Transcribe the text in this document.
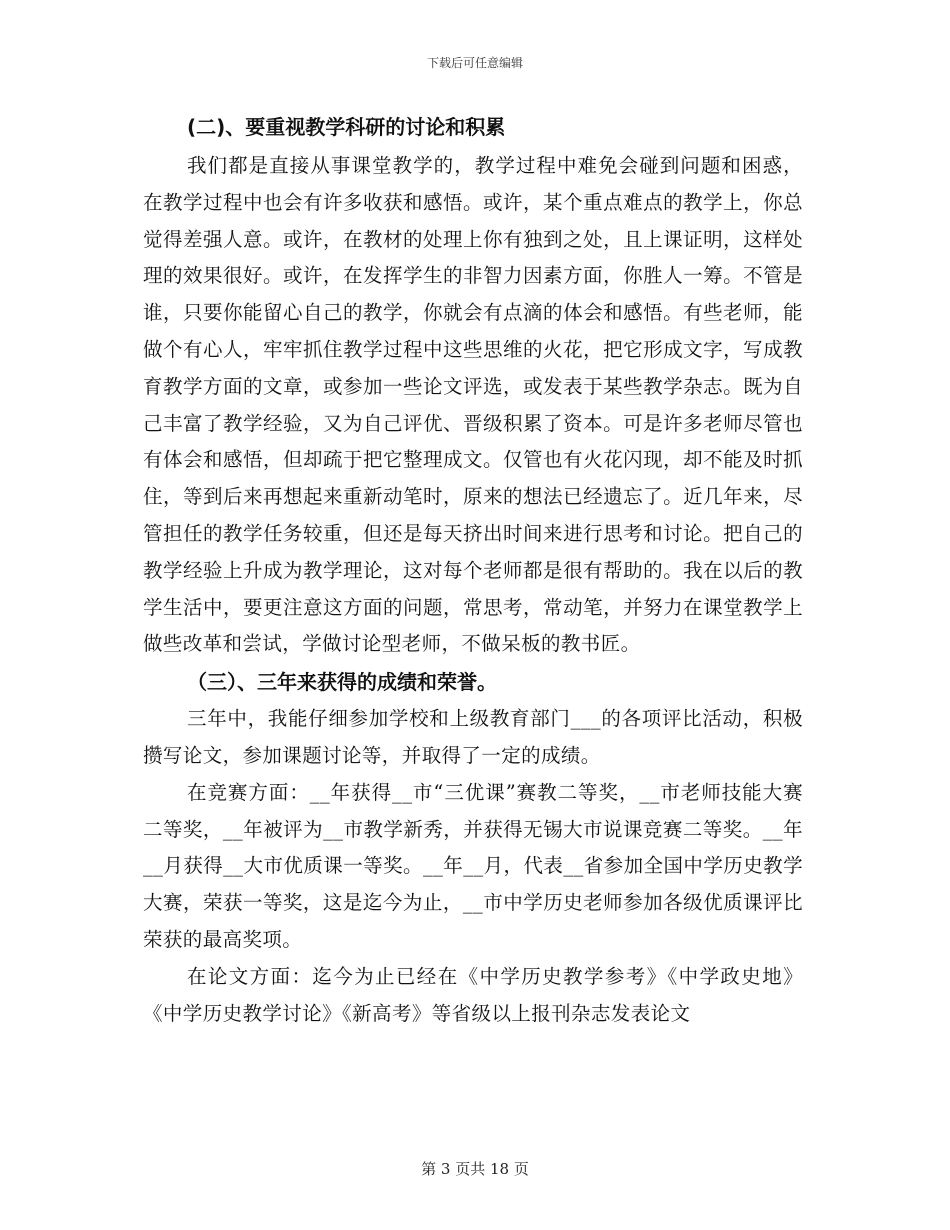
下载后可任意编辑
(二)、要重视教学科研的讨论和积累

我们都是直接从事课堂教学的，教学过程中难免会碰到问题和困惑，在教学过程中也会有许多收获和感悟。或许，某个重点难点的教学上，你总觉得差强人意。或许，在教材的处理上你有独到之处，且上课证明，这样处理的效果很好。或许，在发挥学生的非智力因素方面，你胜人一筹。不管是谁，只要你能留心自己的教学，你就会有点滴的体会和感悟。有些老师，能做个有心人，牢牢抓住教学过程中这些思维的火花，把它形成文字，写成教育教学方面的文章，或参加一些论文评选，或发表于某些教学杂志。既为自己丰富了教学经验，又为自己评优、晋级积累了资本。可是许多老师尽管也有体会和感悟，但却疏于把它整理成文。仅管也有火花闪现，却不能及时抓住，等到后来再想起来重新动笔时，原来的想法已经遗忘了。近几年来，尽管担任的教学任务较重，但还是每天挤出时间来进行思考和讨论。把自己的教学经验上升成为教学理论，这对每个老师都是很有帮助的。我在以后的教学生活中，要更注意这方面的问题，常思考，常动笔，并努力在课堂教学上做些改革和尝试，学做讨论型老师，不做呆板的教书匠。

（三）、三年来获得的成绩和荣誉。

三年中，我能仔细参加学校和上级教育部门___的各项评比活动，积极攒写论文，参加课题讨论等，并取得了一定的成绩。

在竞赛方面：__年获得__市“三优课”赛教二等奖，__市老师技能大赛二等奖，__年被评为__市教学新秀，并获得无锡大市说课竞赛二等奖。__年__月获得__大市优质课一等奖。__年__月，代表__省参加全国中学历史教学大赛，荣获一等奖，这是迄今为止，__市中学历史老师参加各级优质课评比荣获的最高奖项。

在论文方面：迄今为止已经在《中学历史教学参考》《中学政史地》《中学历史教学讨论》《新高考》等省级以上报刊杂志发表论文

第 3 页共 18 页
